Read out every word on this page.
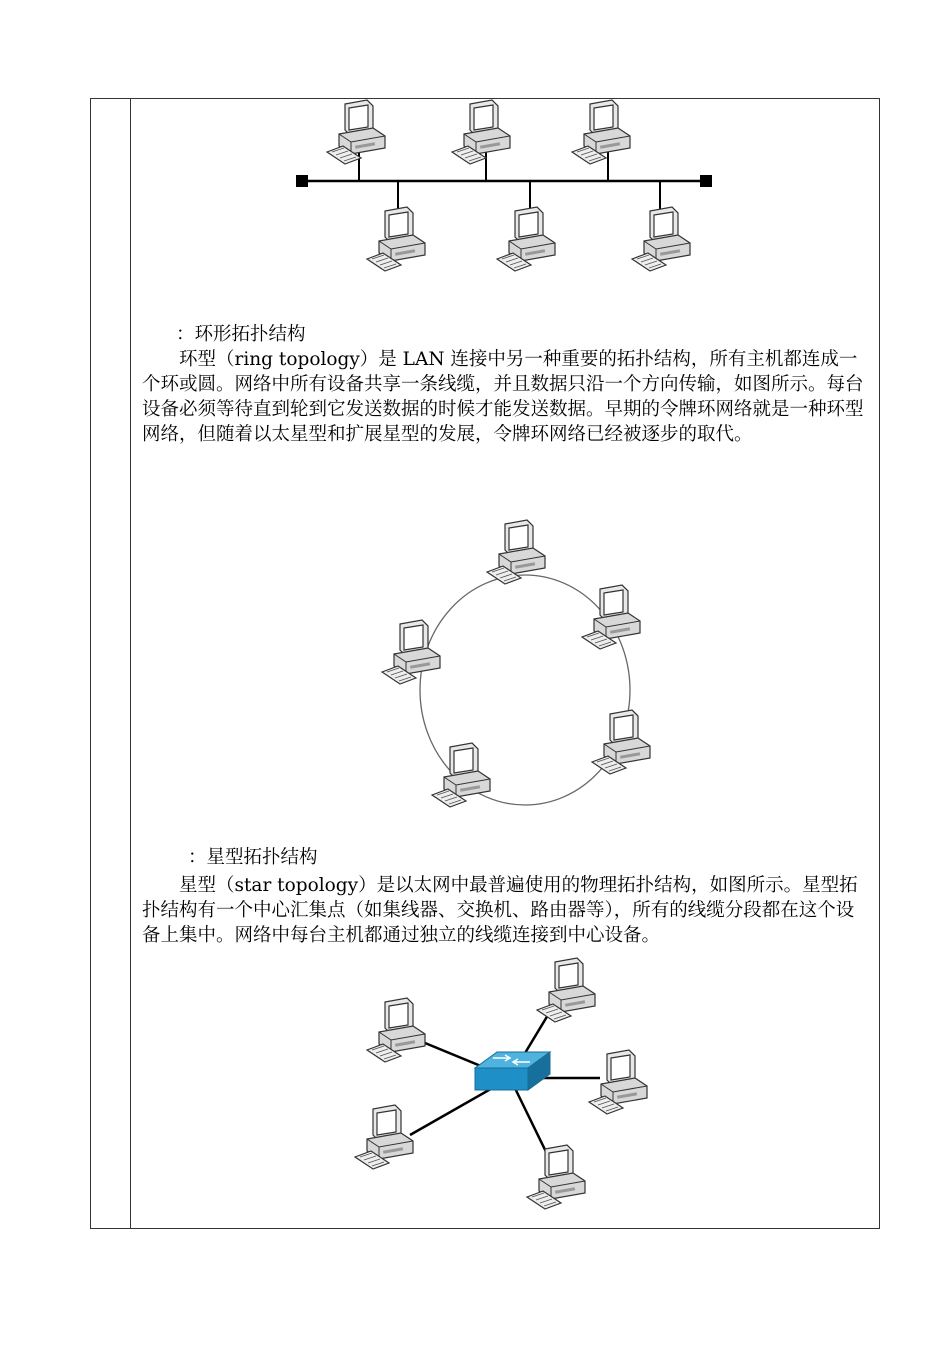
：环形拓扑结构

环型（ring topology）是 LAN 连接中另一种重要的拓扑结构，所有主机都连成一个环或圆。网络中所有设备共享一条线缆，并且数据只沿一个方向传输，如图所示。每台设备必须等待直到轮到它发送数据的时候才能发送数据。早期的令牌环网络就是一种环型网络，但随着以太星型和扩展星型的发展，令牌环网络已经被逐步的取代。

：星型拓扑结构

星型（star topology）是以太网中最普遍使用的物理拓扑结构，如图所示。星型拓扑结构有一个中心汇集点（如集线器、交换机、路由器等），所有的线缆分段都在这个设备上集中。网络中每台主机都通过独立的线缆连接到中心设备。
